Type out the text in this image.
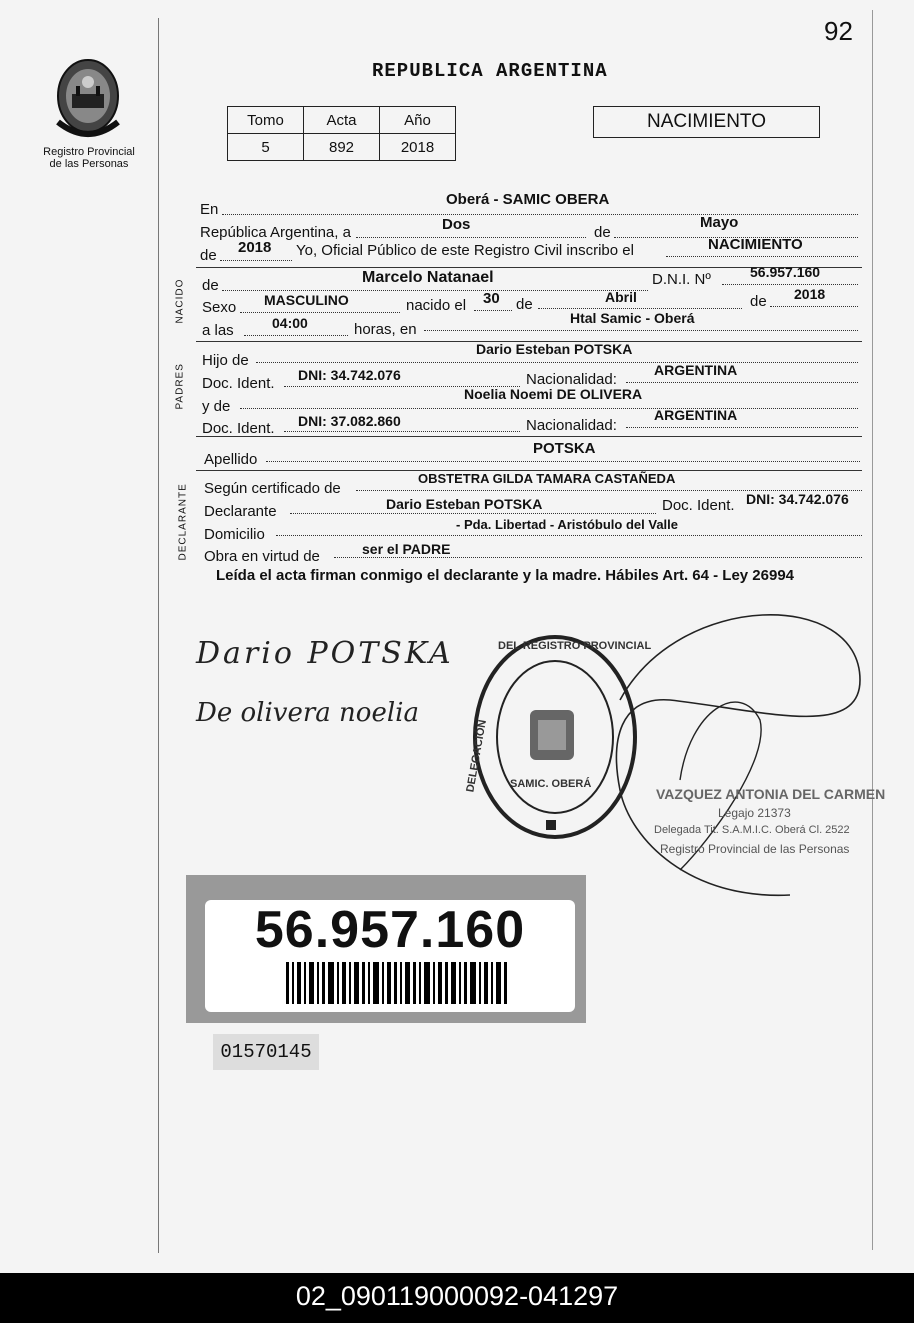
92
Registro Provincial
de las Personas
REPUBLICA ARGENTINA
Tomo	Acta	Año
5	892	2018
NACIMIENTO
En
Oberá - SAMIC OBERA
República Argentina, a	Dos	de
Mayo
de 2018 Yo, Oficial Público de este Registro Civil inscribo el	NACIMIENTO
NACIDO de	Marcelo Natanael	D.N.I. Nº	56.957.160
Sexo MASCULINO	nacido el 30 de	Abril	de 2018
a las	04:00	horas, en
Htal Samic - Oberá
PADRES
Hijo de
Dario Esteban POTSKA
Doc. Ident. DNI: 34.742.076	Nacionalidad:
ARGENTINA
y de
Noelia Noemi DE OLIVERA
Doc. Ident. DNI: 37.082.860	Nacionalidad:
ARGENTINA
Apellido
POTSKA
DECLARANTE Según certificado de
OBSTETRA GILDA TAMARA CASTAÑEDA
Declarante	Dario Esteban POTSKA	Doc. Ident. DNI: 34.742.076
Domicilio
- Pda. Libertad - Aristóbulo del Valle
Obra en virtud de	ser el PADRE
Leída el acta firman conmigo el declarante y la madre. Hábiles Art. 64 - Ley 26994
Dario POTSKA
De olivera noelia
DEL REGISTRO PROVINCIAL
DELEGACIÓN SAMIC. OBERÁ
VAZQUEZ ANTONIA DEL CARMEN
Legajo 21373
Delegada Tit. S.A.M.I.C. Oberá Cl. 2522
Registro Provincial de las Personas
56.957.160
01570145
02_090119000092-041297
